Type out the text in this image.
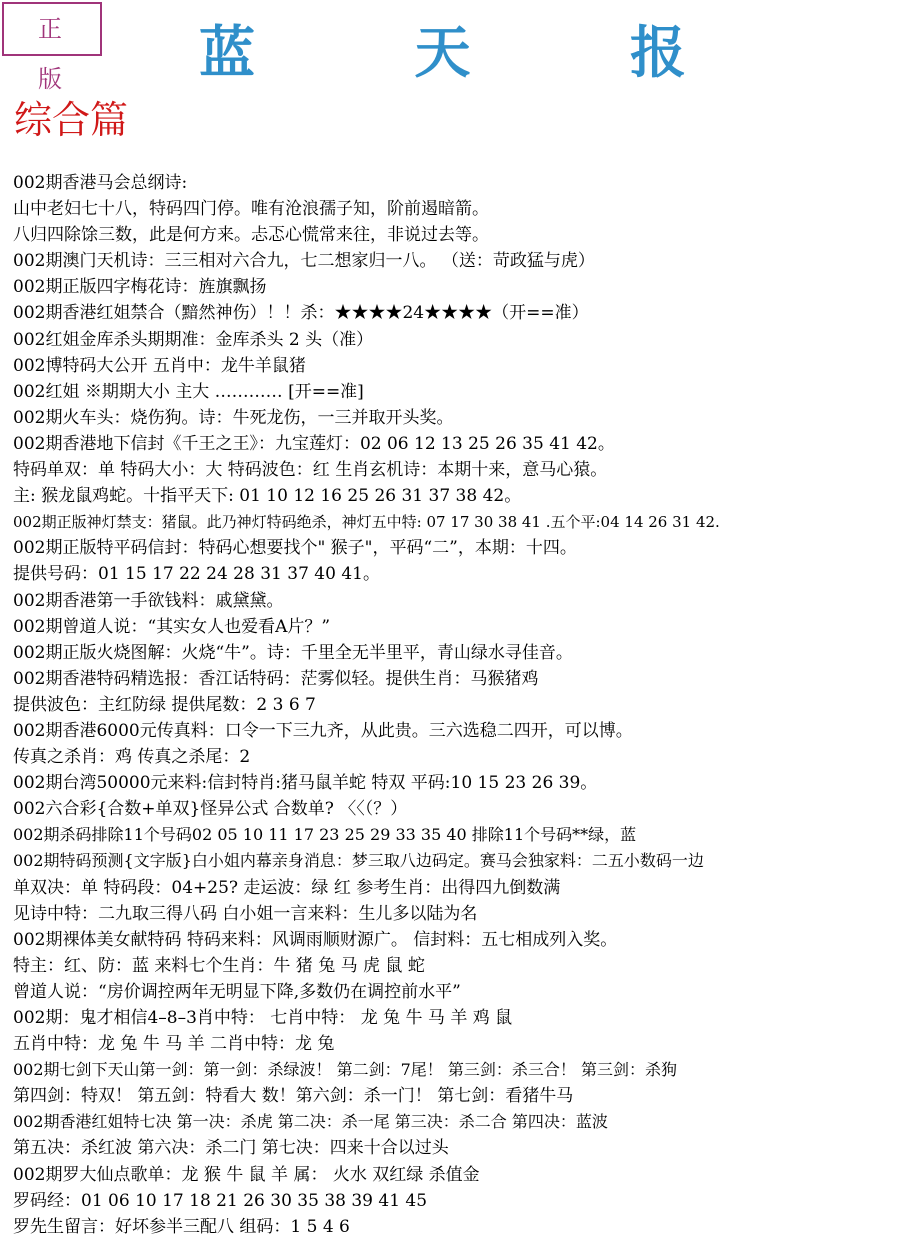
正 版	蓝 天 报
综合篇
002期香港马会总纲诗:
山中老妇七十八，特码四门停。唯有沧浪孺子知，阶前遏暗箭。
八归四除馀三数，此是何方来。忐忑心慌常来往，非说过去等。
002期澳门天机诗：三三相对六合九，七二想家归一八。 （送：苛政猛与虎）
002期正版四字梅花诗：旌旗飘扬
002期香港红姐禁合（黯然神伤）！！杀：★★★★24★★★★（开==准）
002红姐金库杀头期期准：金库杀头 2 头（准）
002博特码大公开 五肖中：龙牛羊鼠猪
002红姐 ※期期大小 主大 ………… [开==准]
002期火车头：烧伤狗。诗：牛死龙伤，一三并取开头奖。
002期香港地下信封《千王之王》：九宝莲灯：02 06 12 13 25 26 35 41 42。
特码单双：单 特码大小：大 特码波色：红 生肖玄机诗：本期十来，意马心猿。
主: 猴龙鼠鸡蛇。十指平天下: 01 10 12 16 25 26 31 37 38 42。
002期正版神灯禁支：猪鼠。此乃神灯特码绝杀，神灯五中特: 07 17 30 38 41 .五个平:04 14 26 31 42.
002期正版特平码信封：特码心想要找个" 猴子"，平码“二”，本期：十四。
提供号码：01 15 17 22 24 28 31 37 40 41。
002期香港第一手欲钱料：戚黛黛。
002期曾道人说：“其实女人也爱看A片？”
002期正版火烧图解：火烧“牛”。诗：千里全无半里平，青山绿水寻佳音。
002期香港特码精选报：香江话特码：茫雾似轻。提供生肖：马猴猪鸡
提供波色：主红防绿 提供尾数：2 3 6 7
002期香港6000元传真料：口令一下三九齐，从此贵。三六选稳二四开，可以博。
传真之杀肖：鸡 传真之杀尾：2
002期台湾50000元来料:信封特肖:猪马鼠羊蛇 特双 平码:10 15 23 26 39。
002六合彩{合数+单双}怪异公式 合数单? 〈〈（？）
002期杀码排除11个号码02 05 10 11 17 23 25 29 33 35 40 排除11个号码**绿，蓝
002期特码预测{文字版}白小姐内幕亲身消息：梦三取八边码定。赛马会独家料：二五小数码一边
单双决：单 特码段：04+25? 走运波：绿 红 参考生肖：出得四九倒数满
见诗中特：二九取三得八码 白小姐一言来料：生儿多以陆为名
002期裸体美女献特码 特码来料：风调雨顺财源广。 信封料：五七相成列入奖。
特主：红、防：蓝 来料七个生肖：牛 猪 兔 马 虎 鼠 蛇
曾道人说：“房价调控两年无明显下降,多数仍在调控前水平”
002期：鬼才相信4–8–3肖中特： 七肖中特： 龙 兔 牛 马 羊 鸡 鼠
五肖中特：龙 兔 牛 马 羊 二肖中特：龙 兔
002期七剑下天山第一剑：第一剑：杀绿波！ 第二剑：7尾！ 第三剑：杀三合！ 第三剑：杀狗
第四剑：特双！ 第五剑：特看大 数！第六剑：杀一门！ 第七剑：看猪牛马
002期香港红姐特七决 第一决：杀虎 第二决：杀一尾 第三决：杀二合 第四决：蓝波
第五决：杀红波 第六决：杀二门 第七决：四来十合以过头
002期罗大仙点歌单：龙 猴 牛 鼠 羊 属： 火水 双红绿 杀值金
罗码经：01 06 10 17 18 21 26 30 35 38 39 41 45
罗先生留言：好坏参半三配八 组码：1 5 4 6
